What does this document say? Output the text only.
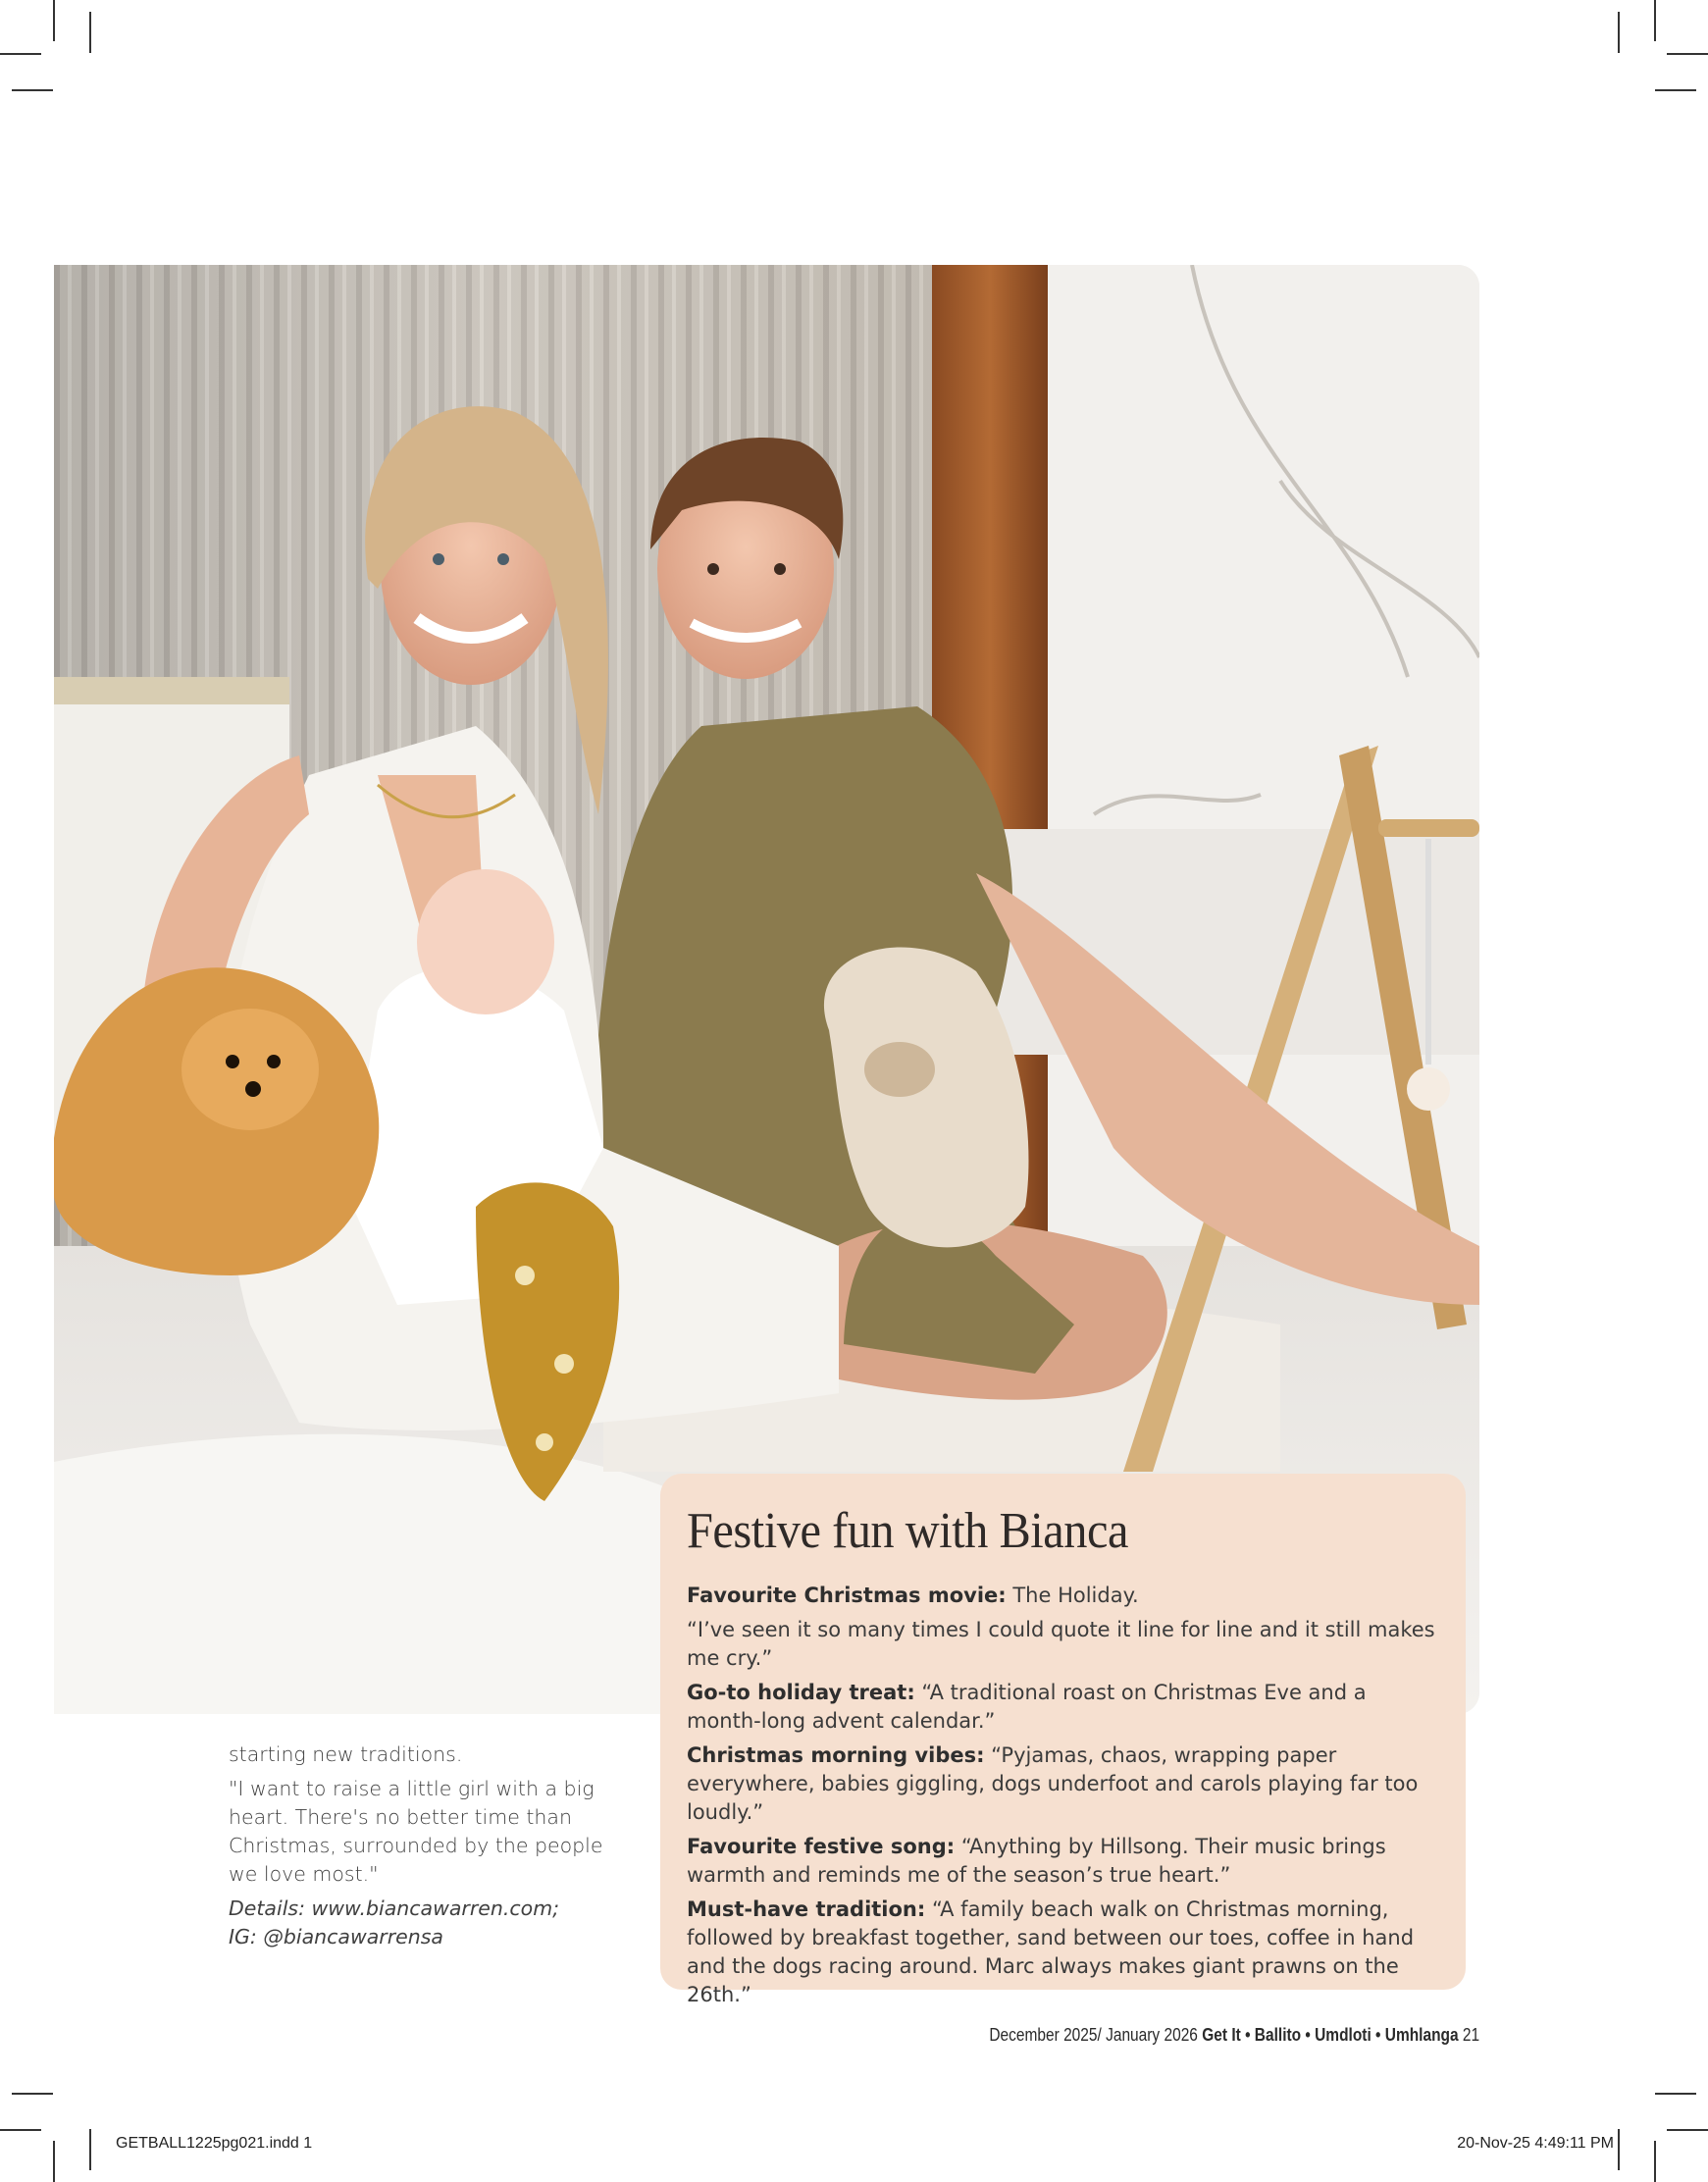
starting new traditions.

"I want to raise a little girl with a big heart. There's no better time than Christmas, surrounded by the people we love most."

Details: www.biancawarren.com;
IG: @biancawarrensa
Festive fun with Bianca

Favourite Christmas movie: The Holiday.

“I’ve seen it so many times I could quote it line for line and it still makes me cry.”

Go-to holiday treat: “A traditional roast on Christmas Eve and a month-long advent calendar.”

Christmas morning vibes: “Pyjamas, chaos, wrapping paper everywhere, babies giggling, dogs underfoot and carols playing far too loudly.”

Favourite festive song: “Anything by Hillsong. Their music brings warmth and reminds me of the season’s true heart.”

Must-have tradition: “A family beach walk on Christmas morning, followed by breakfast together, sand between our toes, coffee in hand and the dogs racing around. Marc always makes giant prawns on the 26th.”

December 2025/ January 2026 Get It • Ballito • Umdloti • Umhlanga 21
GETBALL1225pg021.indd 1	20-Nov-25 4:49:11 PM
